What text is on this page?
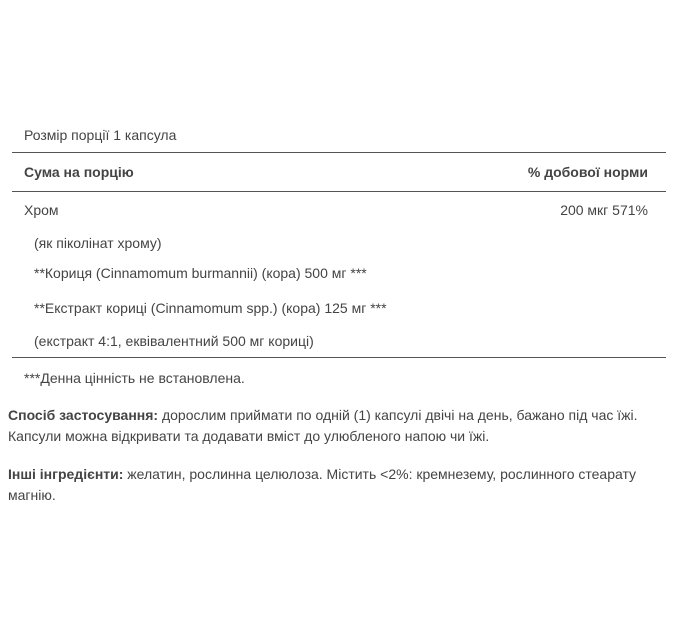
Розмір порції 1 капсула
Сума на порцію	% добової норми
Хром	200 мкг 571%
(як піколінат хрому)
**Кориця (Cinnamomum burmannii) (кора) 500 мг ***
**Екстракт кориці (Cinnamomum spp.) (кора) 125 мг ***
(екстракт 4:1, еквівалентний 500 мг кориці)
***Денна цінність не встановлена.
Спосіб застосування: дорослим приймати по одній (1) капсулі двічі на день, бажано під час їжі. Капсули можна відкривати та додавати вміст до улюбленого напою чи їжі.
Інші інгредієнти: желатин, рослинна целюлоза. Містить <2%: кремнезему, рослинного стеарату магнію.
